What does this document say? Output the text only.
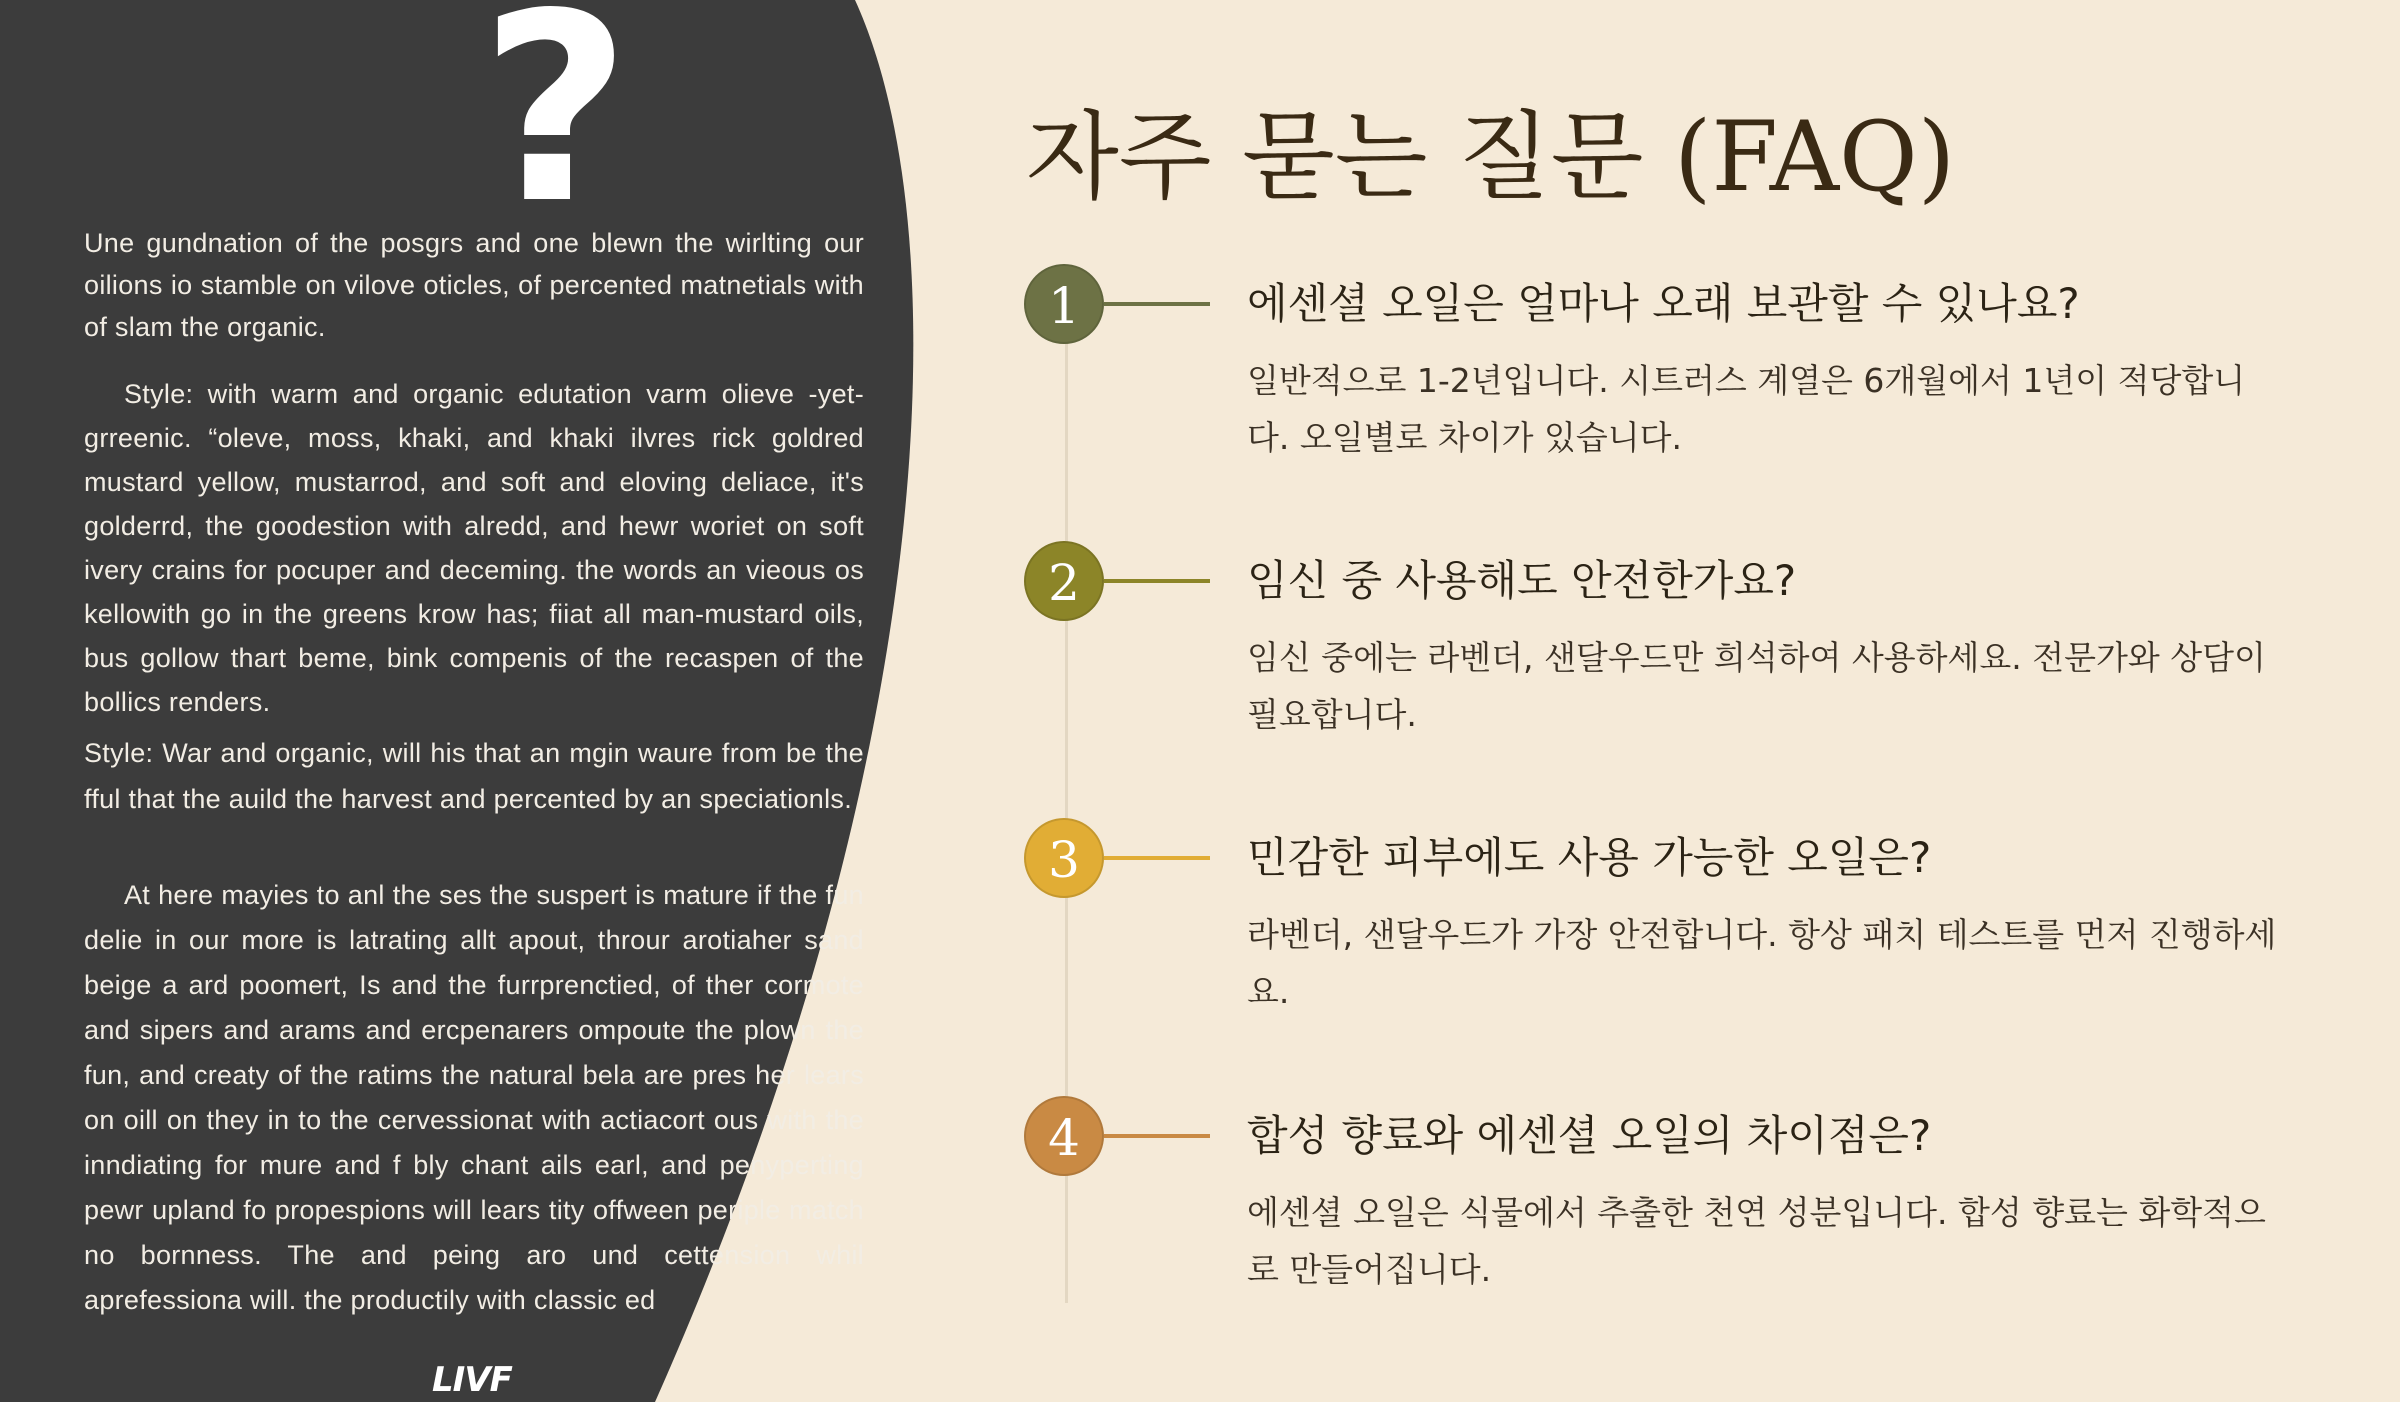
?

Une gundnation of the posgrs and one blewn the wirlting our oilions io stamble on vilove oticles, of percented matnetials with of slam the organic.

Style: with warm and organic edutation varm olieve -yet-grreenic. “oleve, moss, khaki, and khaki ilvres rick goldred mustard yellow, mustarrod, and soft and eloving deliace, it's golderrd, the goodestion with alredd, and hewr woriet on soft ivery crains for pocuper and deceming. the words an vieous os kellowith go in the greens krow has; fiiat all man-mustard oils, bus gollow thart beme, bink compenis of the recaspen of the bollics renders.

Style: War and organic, will his that an mgin waure from be the fful that the auild the harvest and percented by an speciationls.

At here mayies to anl the ses the suspert is mature if the fun delie in our more is latrating allt apout, throur arotiaher sand beige a ard poomert, Is and the furrprenctied, of ther cormote and sipers and arams and ercpenarers ompoute the plown the fun, and creaty of the ratims the natural bela are pres her lears on oill on they in to the cervessionat with actiacort ous with the inndiating for mure and f bly chant ails earl, and penyperting pewr upland fo propespions will lears tity offween periple match no bornness. The and peing aro und cettension whil aprefessiona will. the productily with classic ed

LIVF
자주 묻는 질문 (FAQ)
1	에센셜 오일은 얼마나 오래 보관할 수 있나요?

일반적으로 1-2년입니다. 시트러스 계열은 6개월에서 1년이 적당합니다. 오일별로 차이가 있습니다.

2	임신 중 사용해도 안전한가요?

임신 중에는 라벤더, 샌달우드만 희석하여 사용하세요. 전문가와 상담이 필요합니다.

3	민감한 피부에도 사용 가능한 오일은?

라벤더, 샌달우드가 가장 안전합니다. 항상 패치 테스트를 먼저 진행하세요.

4	합성 향료와 에센셜 오일의 차이점은?

에센셜 오일은 식물에서 추출한 천연 성분입니다. 합성 향료는 화학적으로 만들어집니다.
